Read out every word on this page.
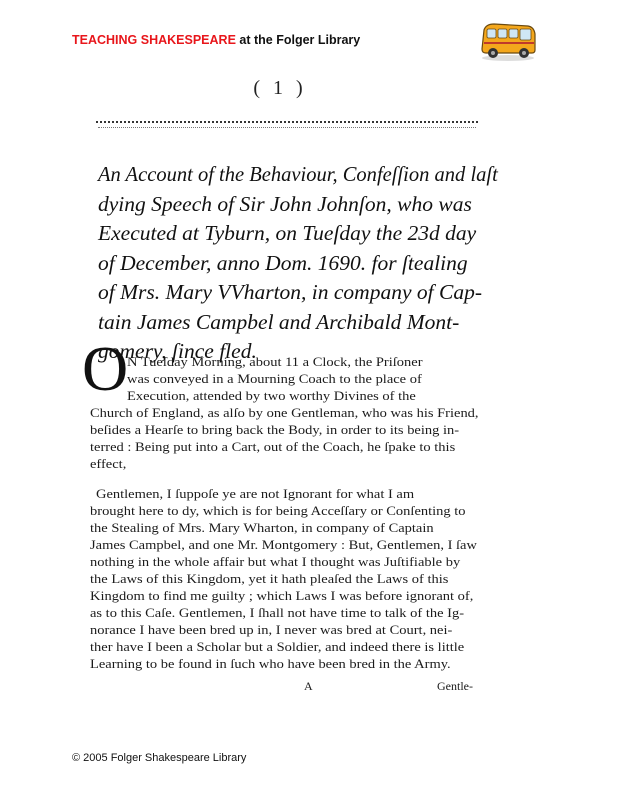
TEACHING SHAKESPEARE at the Folger Library
( 1 )
An Account of the Behaviour, Confeſſion and laſt
dying Speech of Sir John Johnſon, who was
Executed at Tyburn, on Tueſday the 23d day
of December, anno Dom. 1690. for ſtealing
of Mrs. Mary VVharton, in company of Cap-
tain James Campbel and Archibald Mont-
gomery, ſince fled.
O
N Tueſday Morning, about 11 a Clock, the Priſoner
was conveyed in a Mourning Coach to the place of
Execution, attended by two worthy Divines of the
Church of England, as alſo by one Gentleman, who was his Friend,
beſides a Hearſe to bring back the Body, in order to its being in-
terred : Being put into a Cart, out of the Coach, he ſpake to this
effect,
Gentlemen, I ſuppoſe ye are not Ignorant for what I am
brought here to dy, which is for being Acceſſary or Conſenting to
the Stealing of Mrs. Mary Wharton, in company of Captain
James Campbel, and one Mr. Montgomery : But, Gentlemen, I ſaw
nothing in the whole affair but what I thought was Juſtifiable by
the Laws of this Kingdom, yet it hath pleaſed the Laws of this
Kingdom to find me guilty ; which Laws I was before ignorant of,
as to this Caſe. Gentlemen, I ſhall not have time to talk of the Ig-
norance I have been bred up in, I never was bred at Court, nei-
ther have I been a Scholar but a Soldier, and indeed there is little
Learning to be found in ſuch who have been bred in the Army.
A	Gentle-
© 2005 Folger Shakespeare Library
